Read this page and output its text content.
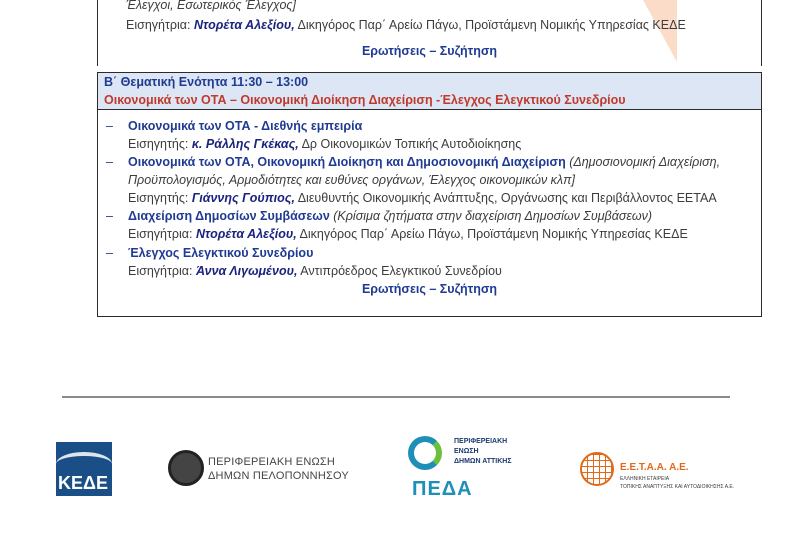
Έλεγχοι, Εσωτερικός Έλεγχος]
Εισηγήτρια: Ντορέτα Αλεξίου, Δικηγόρος Παρ΄ Αρείω Πάγω, Προϊστάμενη Νομικής Υπηρεσίας ΚΕΔΕ
Ερωτήσεις – Συζήτηση
Β΄ Θεματική Ενότητα 11:30 – 13:00
Οικονομικά των ΟΤΑ – Οικονομική Διοίκηση Διαχείριση -Έλεγχος Ελεγκτικού Συνεδρίου
– Οικονομικά των ΟΤΑ - Διεθνής εμπειρία
Εισηγητής: κ. Ράλλης Γκέκας, Δρ Οικονομικών Τοπικής Αυτοδιοίκησης
– Οικονομικά των ΟΤΑ, Οικονομική Διοίκηση και Δημοσιονομική Διαχείριση (Δημοσιονομική Διαχείριση,
Προϋπολογισμός, Αρμοδιότητες και ευθύνες οργάνων, Έλεγχος οικονομικών κλπ]
Εισηγητής: Γιάννης Γούπιος, Διευθυντής Οικονομικής Ανάπτυξης, Οργάνωσης και Περιβάλλοντος ΕΕΤΑΑ
– Διαχείριση Δημοσίων Συμβάσεων (Κρίσιμα ζητήματα στην διαχείριση Δημοσίων Συμβάσεων)
Εισηγήτρια: Ντορέτα Αλεξίου, Δικηγόρος Παρ΄ Αρείω Πάγω, Προϊστάμενη Νομικής Υπηρεσίας ΚΕΔΕ
– Έλεγχος Ελεγκτικού Συνεδρίου
Εισηγήτρια: Άννα Λιγωμένου, Αντιπρόεδρος Ελεγκτικού Συνεδρίου
Ερωτήσεις – Συζήτηση
ΚΕΔΕ
ΠΕΡΙΦΕΡΕΙΑΚΗ ΕΝΩΣΗ
ΔΗΜΩΝ ΠΕΛΟΠΟΝΝΗΣΟΥ
ΠΕΡΙΦΕΡΕΙΑΚΗ
ΕΝΩΣΗ
ΔΗΜΩΝ ΑΤΤΙΚΗΣ
ΠΕΔΑ
Ε.Ε.Τ.Α.Α. Α.Ε.
ΕΛΛΗΝΙΚΗ ΕΤΑΙΡΕΙΑ
ΤΟΠΙΚΗΣ ΑΝΑΠΤΥΞΗΣ ΚΑΙ ΑΥΤΟΔΙΟΙΚΗΣΗΣ Α.Ε.
